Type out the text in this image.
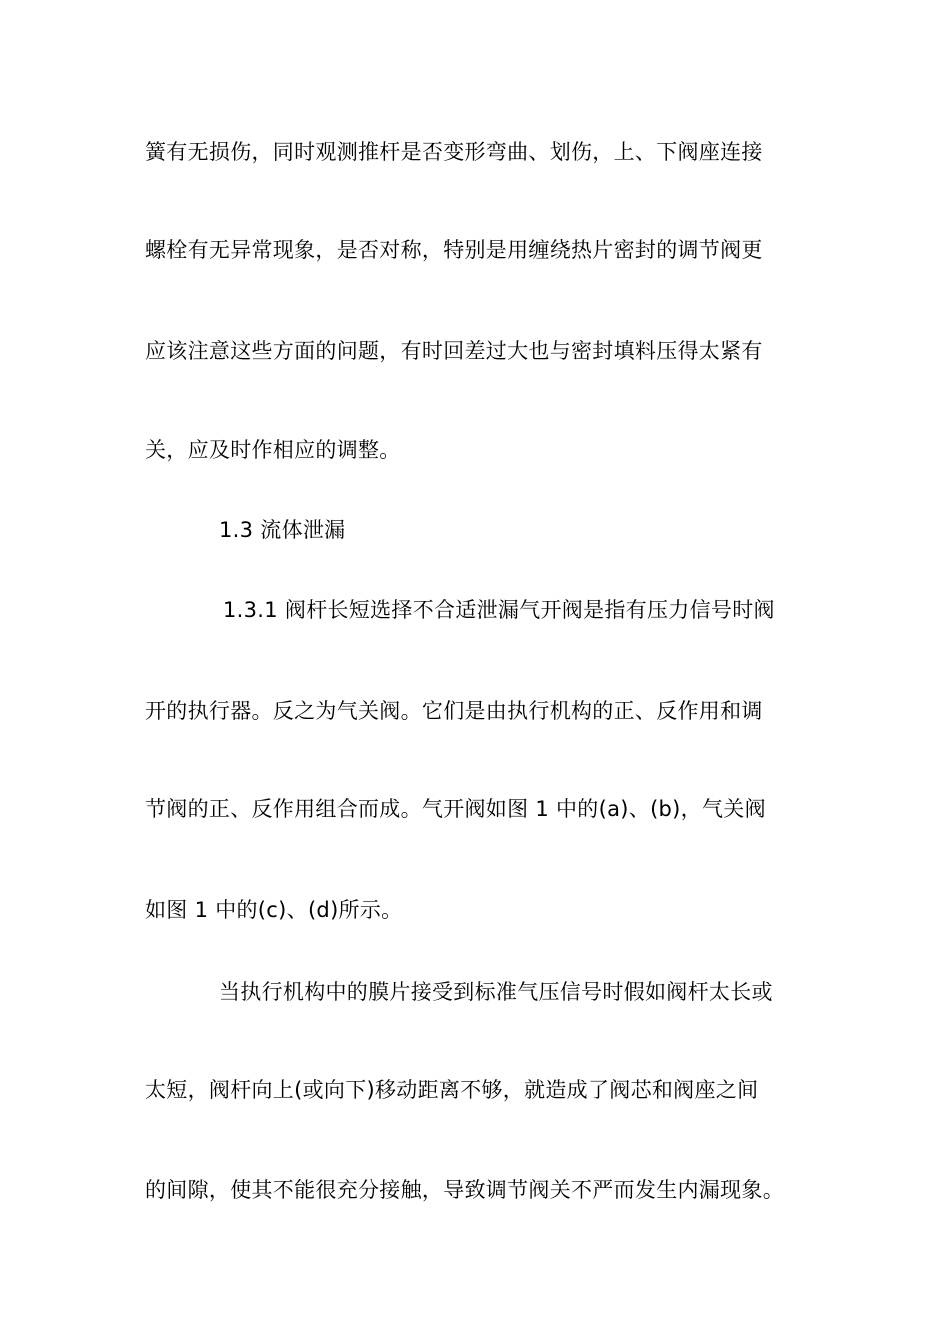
簧有无损伤，同时观测推杆是否变形弯曲、划伤，上、下阀座连接
螺栓有无异常现象，是否对称，特别是用缠绕热片密封的调节阀更
应该注意这些方面的问题，有时回差过大也与密封填料压得太紧有
关，应及时作相应的调整。
1.3 流体泄漏
1.3.1 阀杆长短选择不合适泄漏气开阀是指有压力信号时阀
开的执行器。反之为气关阀。它们是由执行机构的正、反作用和调
节阀的正、反作用组合而成。气开阀如图 1 中的(a)、(b)，气关阀
如图 1 中的(c)、(d)所示。
当执行机构中的膜片接受到标准气压信号时假如阀杆太长或
太短，阀杆向上(或向下)移动距离不够，就造成了阀芯和阀座之间
的间隙，使其不能很充分接触，导致调节阀关不严而发生内漏现象。
